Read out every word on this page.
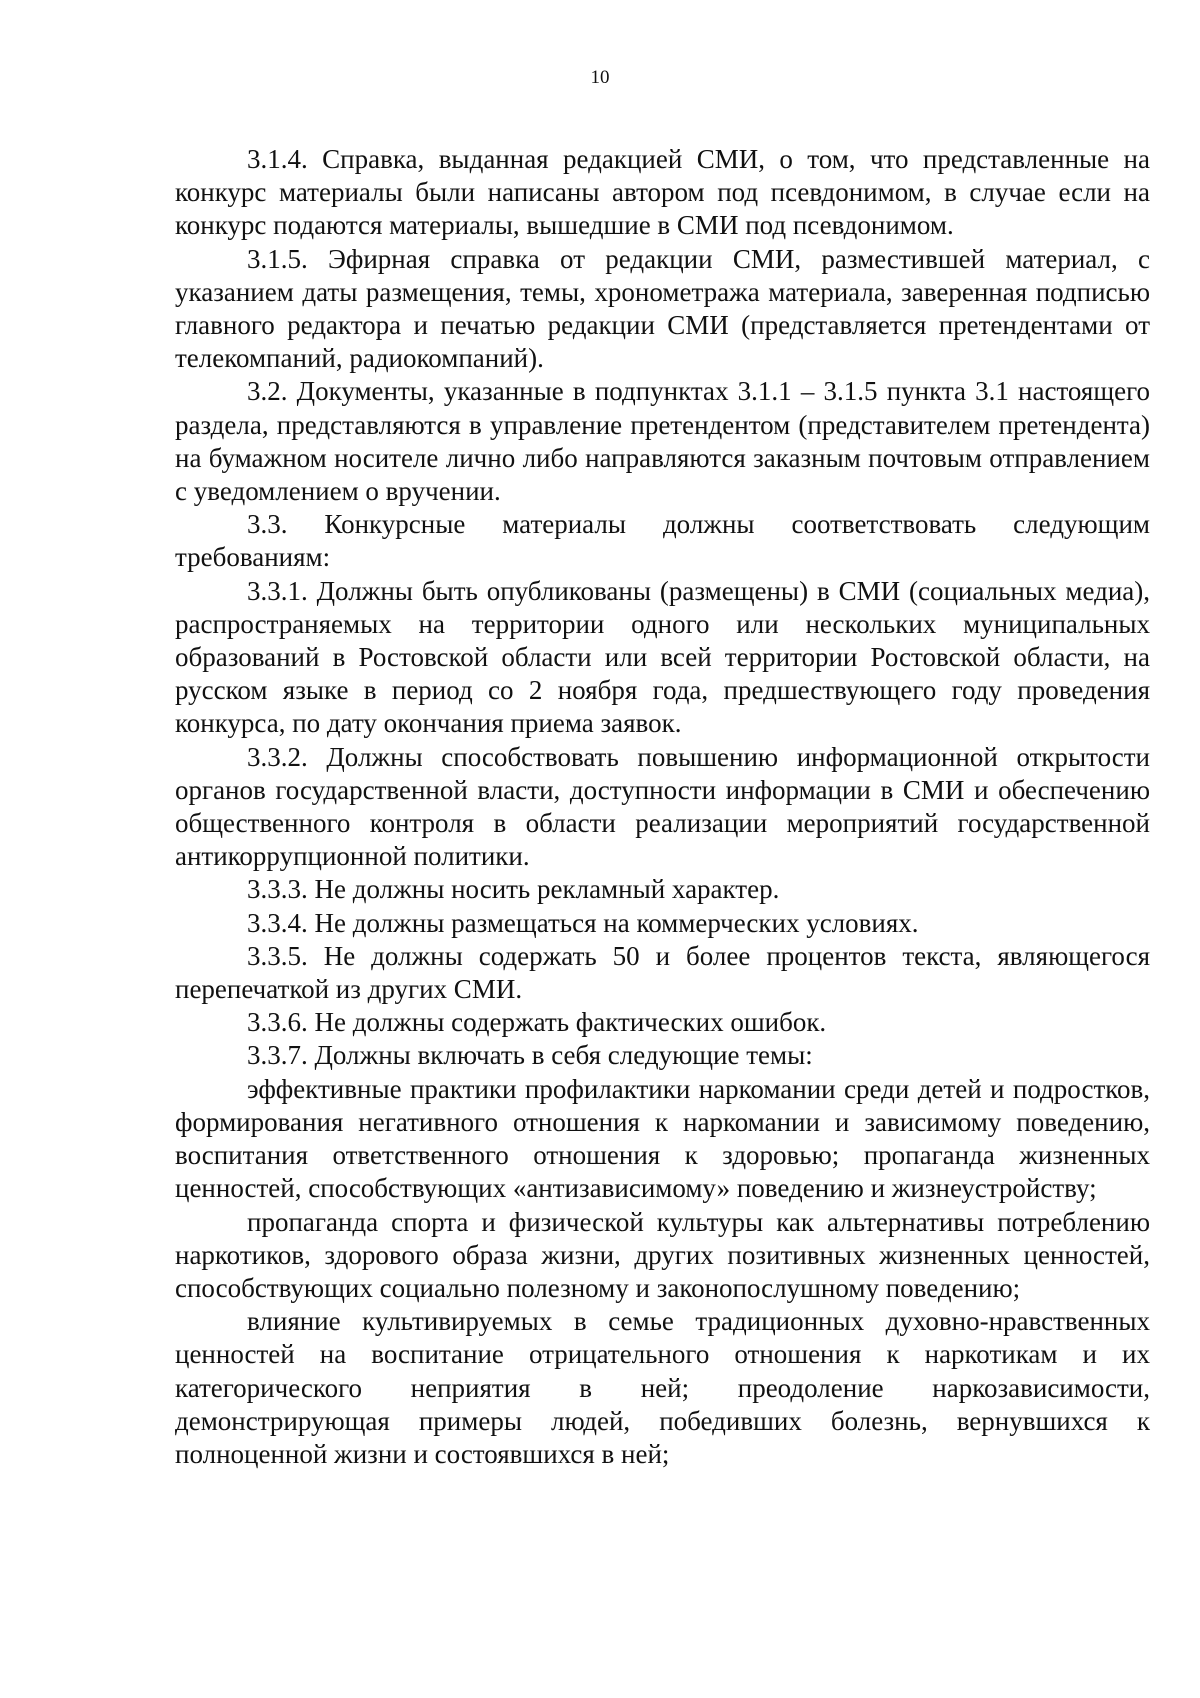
10

3.1.4. Справка, выданная редакцией СМИ, о том, что представленные на конкурс материалы были написаны автором под псевдонимом, в случае если на конкурс подаются материалы, вышедшие в СМИ под псевдонимом.

3.1.5. Эфирная справка от редакции СМИ, разместившей материал, с указанием даты размещения, темы, хронометража материала, заверенная подписью главного редактора и печатью редакции СМИ (представляется претендентами от телекомпаний, радиокомпаний).

3.2. Документы, указанные в подпунктах 3.1.1 – 3.1.5 пункта 3.1 настоящего раздела, представляются в управление претендентом (представителем претендента) на бумажном носителе лично либо направляются заказным почтовым отправлением с уведомлением о вручении.

3.3. Конкурсные материалы должны соответствовать следующим требованиям:

3.3.1. Должны быть опубликованы (размещены) в СМИ (социальных медиа), распространяемых на территории одного или нескольких муниципальных образований в Ростовской области или всей территории Ростовской области, на русском языке в период со 2 ноября года, предшествующего году проведения конкурса, по дату окончания приема заявок.

3.3.2. Должны способствовать повышению информационной открытости органов государственной власти, доступности информации в СМИ и обеспечению общественного контроля в области реализации мероприятий государственной антикоррупционной политики.

3.3.3. Не должны носить рекламный характер.

3.3.4. Не должны размещаться на коммерческих условиях.

3.3.5. Не должны содержать 50 и более процентов текста, являющегося перепечаткой из других СМИ.

3.3.6. Не должны содержать фактических ошибок.

3.3.7. Должны включать в себя следующие темы:

эффективные практики профилактики наркомании среди детей и подростков, формирования негативного отношения к наркомании и зависимому поведению, воспитания ответственного отношения к здоровью; пропаганда жизненных ценностей, способствующих «антизависимому» поведению и жизнеустройству;

пропаганда спорта и физической культуры как альтернативы потреблению наркотиков, здорового образа жизни, других позитивных жизненных ценностей, способствующих социально полезному и законопослушному поведению;

влияние культивируемых в семье традиционных духовно-нравственных ценностей на воспитание отрицательного отношения к наркотикам и их категорического неприятия в ней; преодоление наркозависимости, демонстрирующая примеры людей, победивших болезнь, вернувшихся к полноценной жизни и состоявшихся в ней;
